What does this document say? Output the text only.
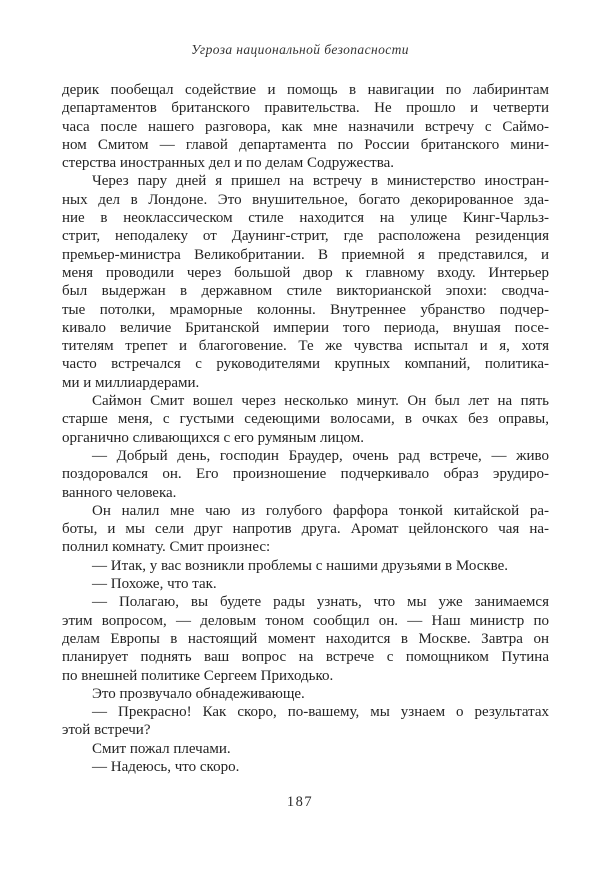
Угроза национальной безопасности
дерик пообещал содействие и помощь в навигации по лабиринтам
департаментов британского правительства. Не прошло и четверти
часа после нашего разговора, как мне назначили встречу с Саймо-
ном Смитом — главой департамента по России британского мини-
стерства иностранных дел и по делам Содружества.
Через пару дней я пришел на встречу в министерство иностран-
ных дел в Лондоне. Это внушительное, богато декорированное зда-
ние в неоклассическом стиле находится на улице Кинг-Чарльз-
стрит, неподалеку от Даунинг-стрит, где расположена резиденция
премьер-министра Великобритании. В приемной я представился, и
меня проводили через большой двор к главному входу. Интерьер
был выдержан в державном стиле викторианской эпохи: сводча-
тые потолки, мраморные колонны. Внутреннее убранство подчер-
кивало величие Британской империи того периода, внушая посе-
тителям трепет и благоговение. Те же чувства испытал и я, хотя
часто встречался с руководителями крупных компаний, политика-
ми и миллиардерами.
Саймон Смит вошел через несколько минут. Он был лет на пять
старше меня, с густыми седеющими волосами, в очках без оправы,
органично сливающихся с его румяным лицом.
— Добрый день, господин Браудер, очень рад встрече, — живо
поздоровался он. Его произношение подчеркивало образ эрудиро-
ванного человека.
Он налил мне чаю из голубого фарфора тонкой китайской ра-
боты, и мы сели друг напротив друга. Аромат цейлонского чая на-
полнил комнату. Смит произнес:
— Итак, у вас возникли проблемы с нашими друзьями в Москве.
— Похоже, что так.
— Полагаю, вы будете рады узнать, что мы уже занимаемся
этим вопросом, — деловым тоном сообщил он. — Наш министр по
делам Европы в настоящий момент находится в Москве. Завтра он
планирует поднять ваш вопрос на встрече с помощником Путина
по внешней политике Сергеем Приходько.
Это прозвучало обнадеживающе.
— Прекрасно! Как скоро, по-вашему, мы узнаем о результатах
этой встречи?
Смит пожал плечами.
— Надеюсь, что скоро.
187
